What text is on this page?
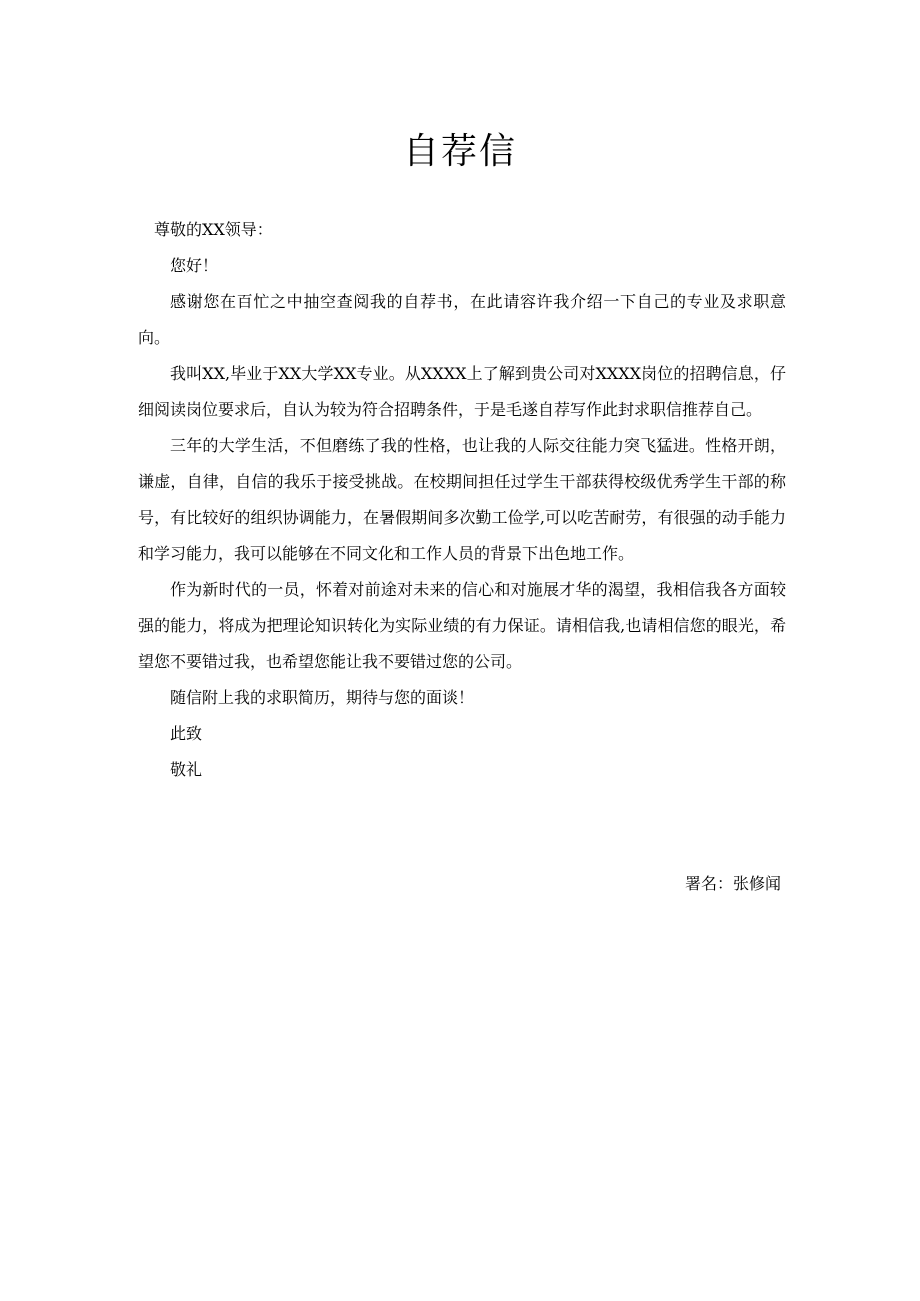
自荐信

尊敬的XX领导：

您好！

感谢您在百忙之中抽空查阅我的自荐书，在此请容许我介绍一下自己的专业及求职意向。

我叫XX,毕业于XX大学XX专业。从XXXX上了解到贵公司对XXXX岗位的招聘信息，仔细阅读岗位要求后，自认为较为符合招聘条件，于是毛遂自荐写作此封求职信推荐自己。

三年的大学生活，不但磨练了我的性格，也让我的人际交往能力突飞猛进。性格开朗，谦虚，自律，自信的我乐于接受挑战。在校期间担任过学生干部获得校级优秀学生干部的称号，有比较好的组织协调能力，在暑假期间多次勤工俭学,可以吃苦耐劳，有很强的动手能力和学习能力，我可以能够在不同文化和工作人员的背景下出色地工作。

作为新时代的一员，怀着对前途对未来的信心和对施展才华的渴望，我相信我各方面较强的能力，将成为把理论知识转化为实际业绩的有力保证。请相信我,也请相信您的眼光，希望您不要错过我，也希望您能让我不要错过您的公司。

随信附上我的求职简历，期待与您的面谈！

此致

敬礼

署名：张修闻
